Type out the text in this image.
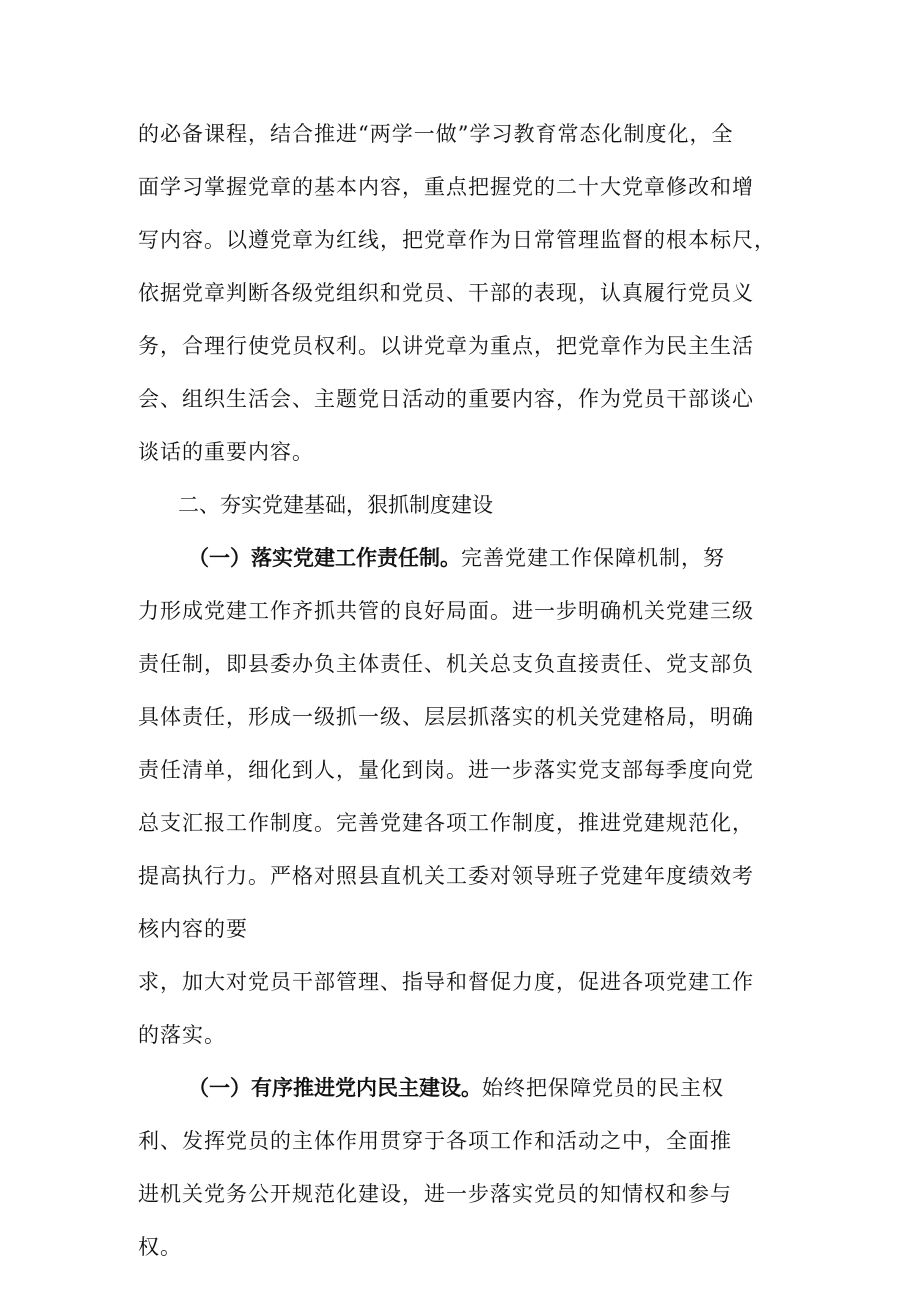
的必备课程，结合推进“两学一做”学习教育常态化制度化，全
面学习掌握党章的基本内容，重点把握党的二十大党章修改和增
写内容。以遵党章为红线，把党章作为日常管理监督的根本标尺，
依据党章判断各级党组织和党员、干部的表现，认真履行党员义
务，合理行使党员权利。以讲党章为重点，把党章作为民主生活
会、组织生活会、主题党日活动的重要内容，作为党员干部谈心
谈话的重要内容。
二、夯实党建基础，狠抓制度建设
（一）落实党建工作责任制。完善党建工作保障机制，努
力形成党建工作齐抓共管的良好局面。进一步明确机关党建三级
责任制，即县委办负主体责任、机关总支负直接责任、党支部负
具体责任，形成一级抓一级、层层抓落实的机关党建格局，明确
责任清单，细化到人，量化到岗。进一步落实党支部每季度向党
总支汇报工作制度。完善党建各项工作制度，推进党建规范化，
提高执行力。严格对照县直机关工委对领导班子党建年度绩效考
核内容的要
求，加大对党员干部管理、指导和督促力度，促进各项党建工作
的落实。
（一）有序推进党内民主建设。始终把保障党员的民主权
利、发挥党员的主体作用贯穿于各项工作和活动之中，全面推
进机关党务公开规范化建设，进一步落实党员的知情权和参与
权。
